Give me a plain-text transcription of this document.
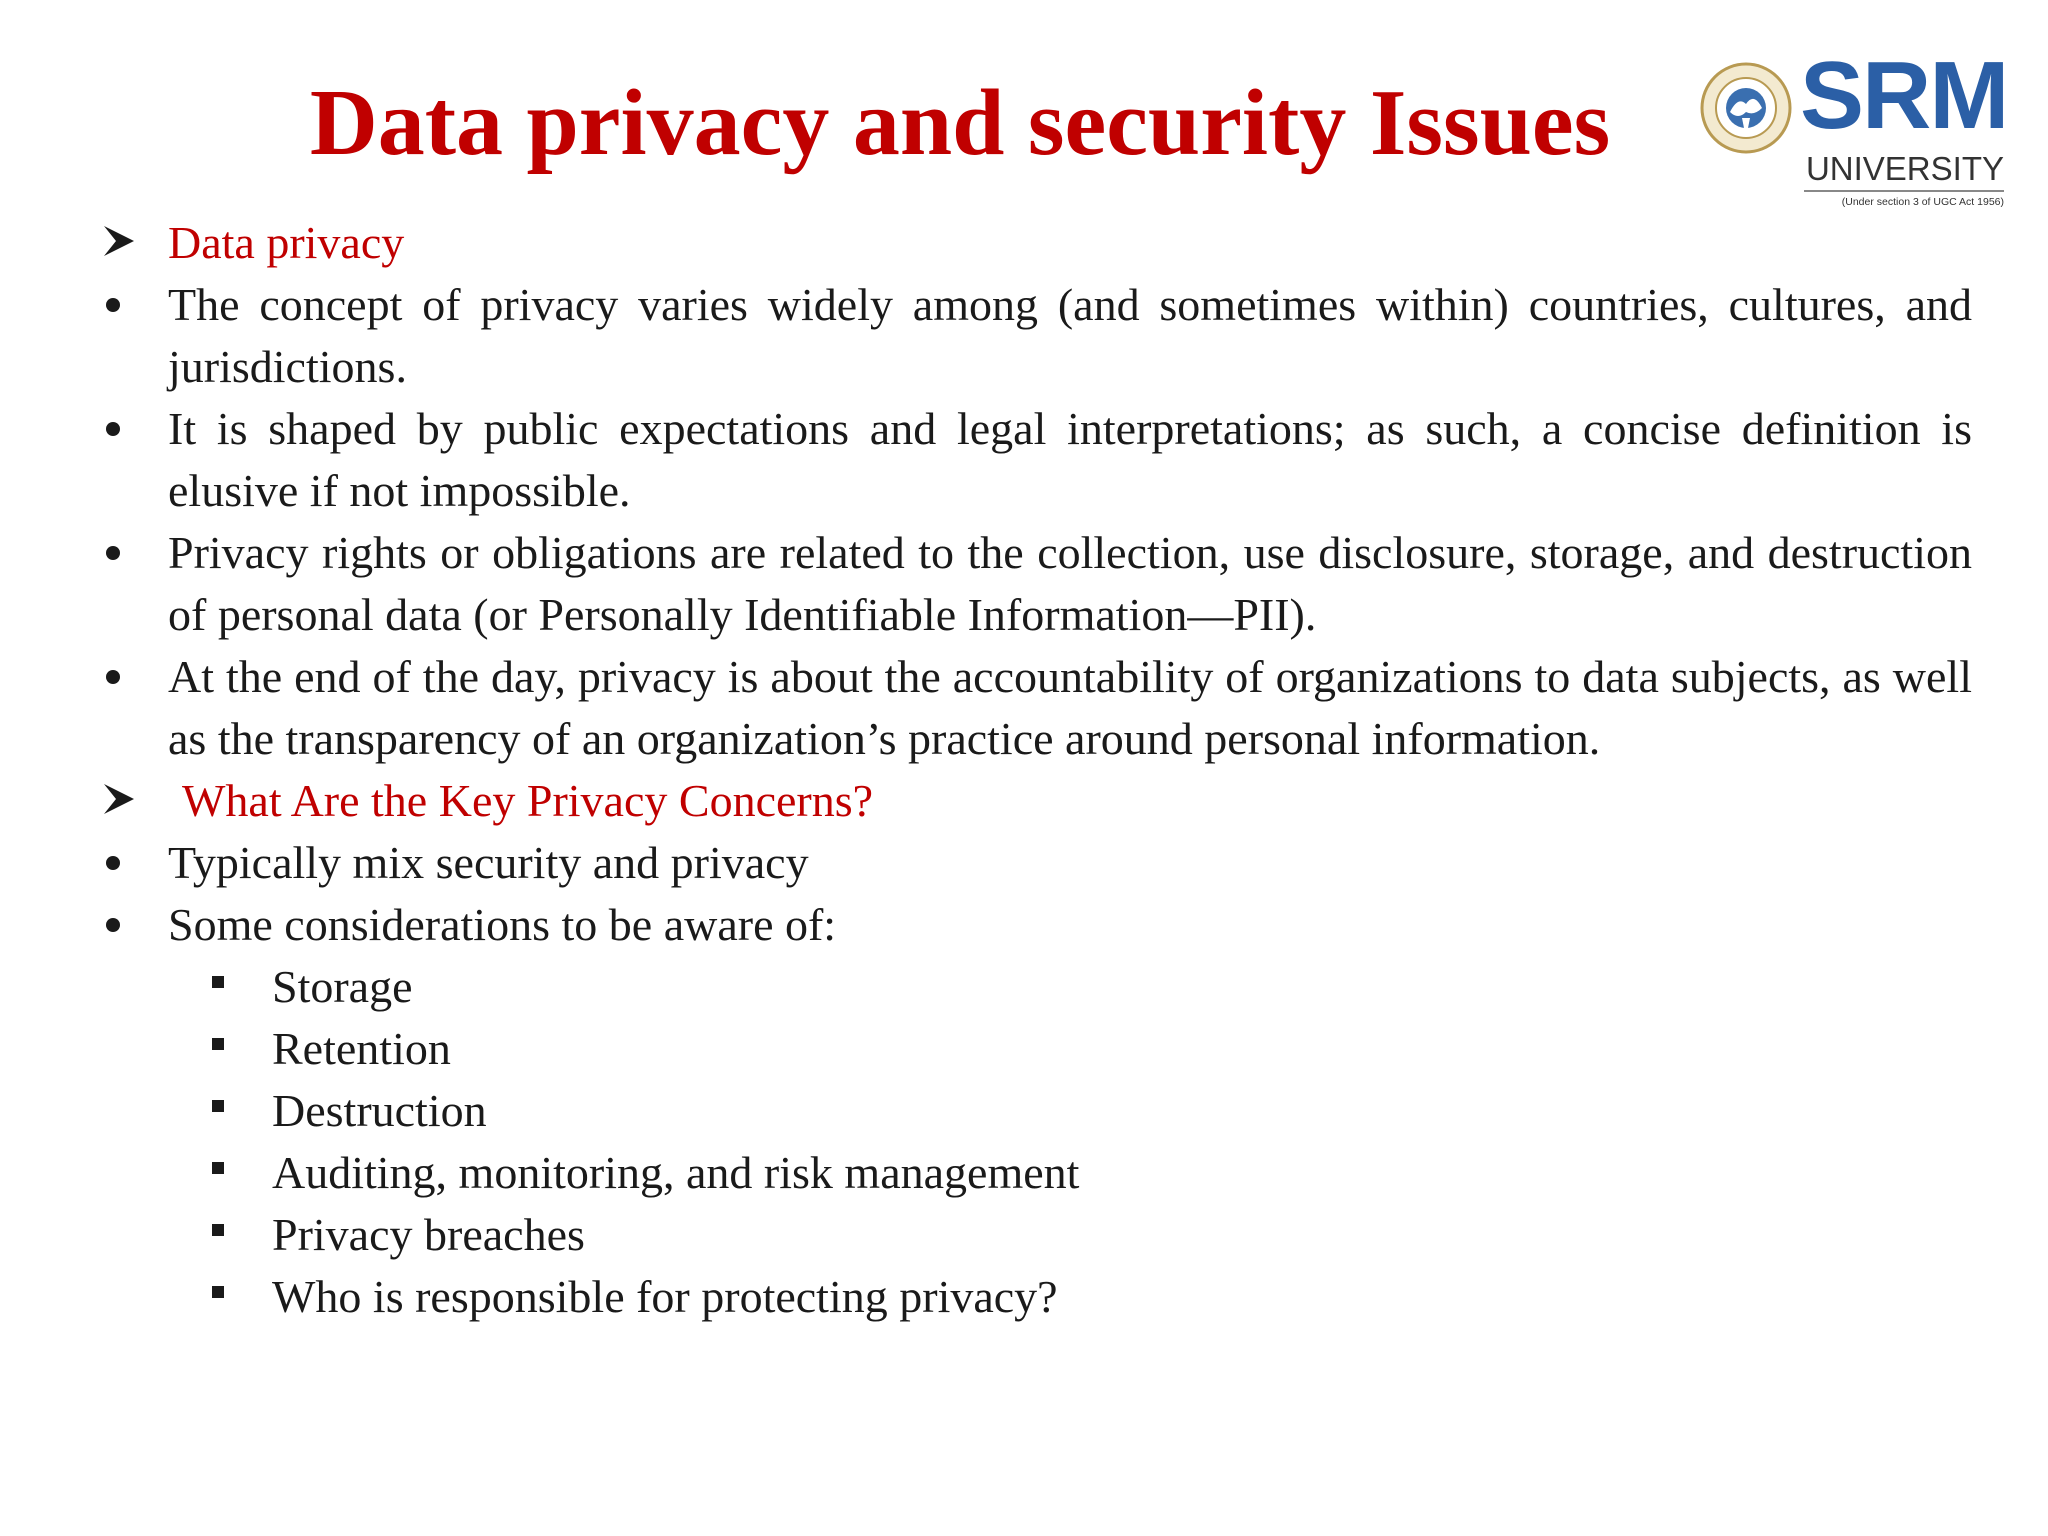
Data privacy and security Issues	SRM
UNIVERSITY
(Under section 3 of UGC Act 1956)
Data privacy
The concept of privacy varies widely among (and sometimes within) countries, cultures, and jurisdictions.
It is shaped by public expectations and legal interpretations; as such, a concise definition is elusive if not impossible.
Privacy rights or obligations are related to the collection, use disclosure, storage, and destruction of personal data (or Personally Identifiable Information—PII).
At the end of the day, privacy is about the accountability of organizations to data subjects, as well as the transparency of an organization’s practice around personal information.
What Are the Key Privacy Concerns?
Typically mix security and privacy
Some considerations to be aware of:
Storage
Retention
Destruction
Auditing, monitoring, and risk management
Privacy breaches
Who is responsible for protecting privacy?
